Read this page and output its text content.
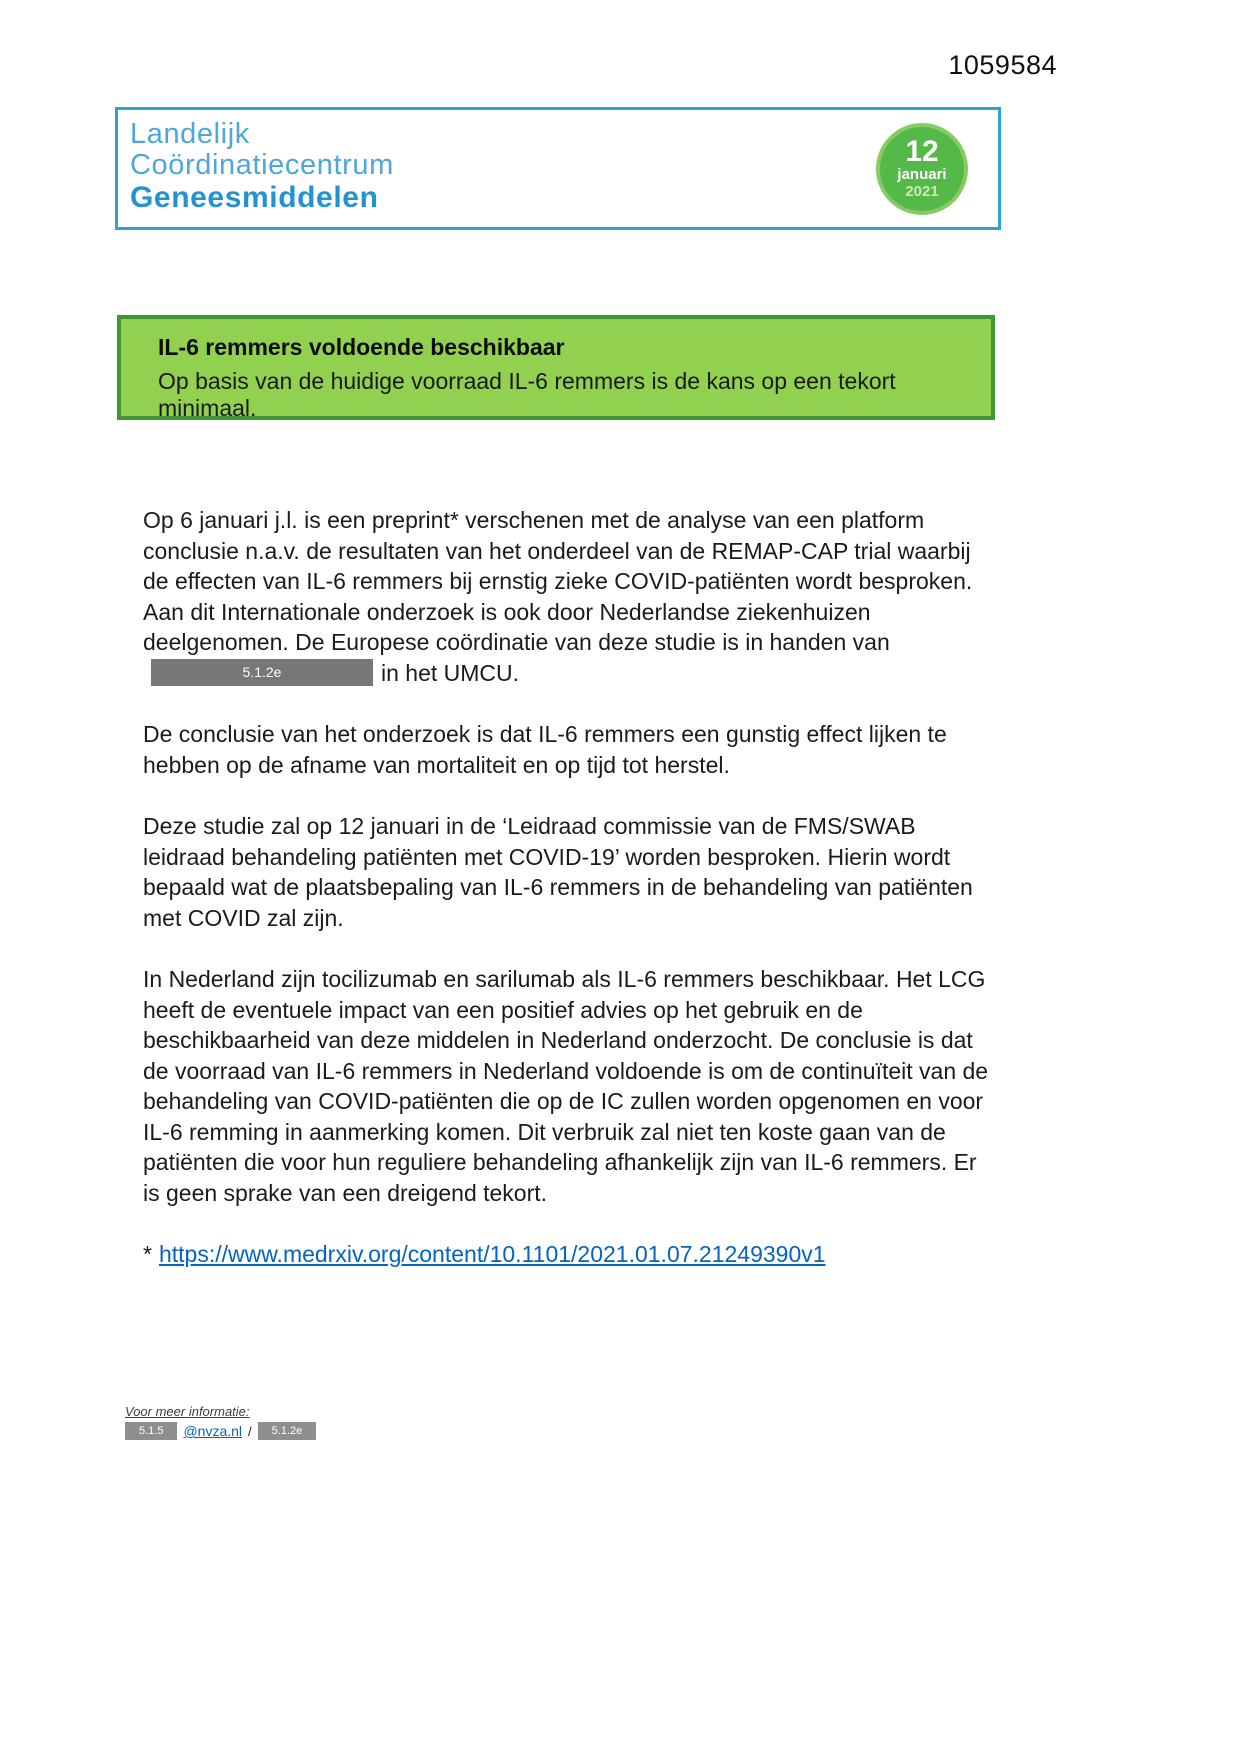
1059584
Landelijk
Coördinatiecentrum
Geneesmiddelen
12
januari
2021
IL-6 remmers voldoende beschikbaar
Op basis van de huidige voorraad IL-6 remmers is de kans op een tekort minimaal.

Op 6 januari j.l. is een preprint* verschenen met de analyse van een platform conclusie n.a.v. de resultaten van het onderdeel van de REMAP-CAP trial waarbij de effecten van IL-6 remmers bij ernstig zieke COVID-patiënten wordt besproken. Aan dit Internationale onderzoek is ook door Nederlandse ziekenhuizen deelgenomen. De Europese coördinatie van deze studie is in handen van5.1.2e	in het UMCU.

De conclusie van het onderzoek is dat IL-6 remmers een gunstig effect lijken te hebben op de afname van mortaliteit en op tijd tot herstel.

Deze studie zal op 12 januari in de ‘Leidraad commissie van de FMS/SWAB leidraad behandeling patiënten met COVID-19’ worden besproken. Hierin wordt bepaald wat de plaatsbepaling van IL-6 remmers in de behandeling van patiënten met COVID zal zijn.

In Nederland zijn tocilizumab en sarilumab als IL-6 remmers beschikbaar. Het LCG heeft de eventuele impact van een positief advies op het gebruik en de beschikbaarheid van deze middelen in Nederland onderzocht. De conclusie is dat de voorraad van IL-6 remmers in Nederland voldoende is om de continuïteit van de behandeling van COVID-patiënten die op de IC zullen worden opgenomen en voor IL-6 remming in aanmerking komen. Dit verbruik zal niet ten koste gaan van de patiënten die voor hun reguliere behandeling afhankelijk zijn van IL-6 remmers. Er is geen sprake van een dreigend tekort.

* https://www.medrxiv.org/content/10.1101/2021.01.07.21249390v1

Voor meer informatie:
5.1.5	@nvza.nl /	5.1.2e
